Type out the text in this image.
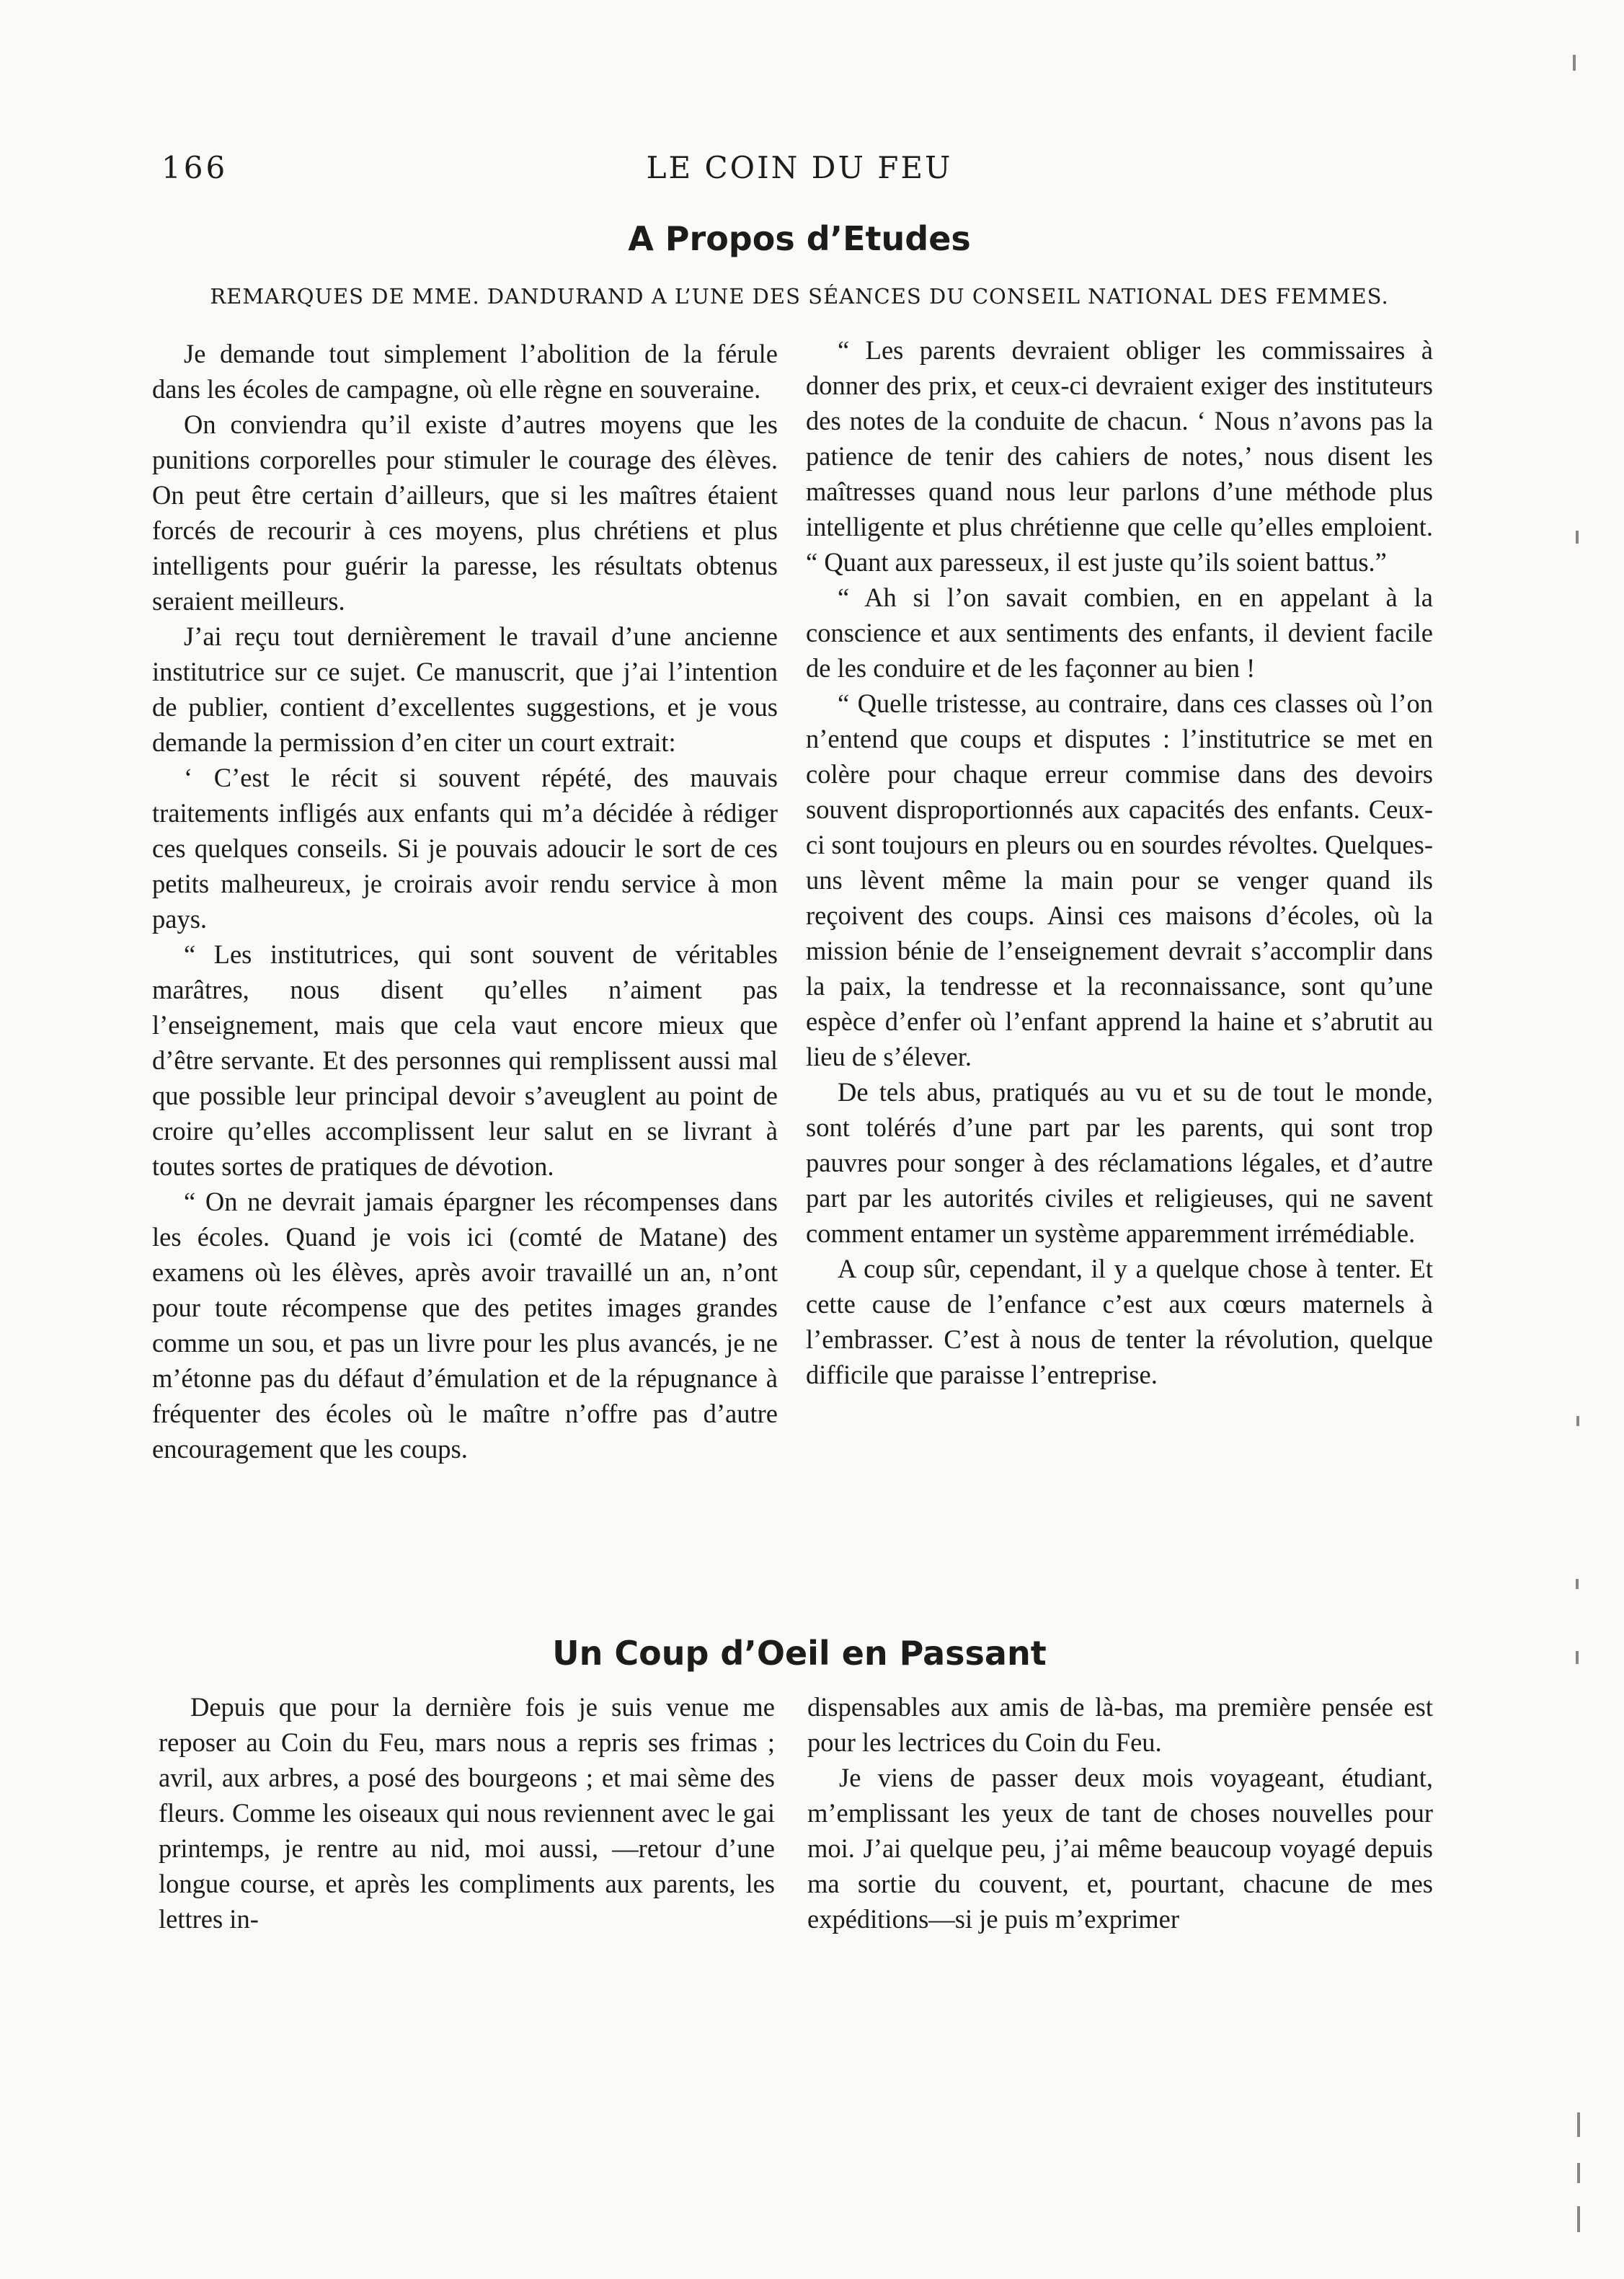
166	LE COIN DU FEU
A Propos d’Etudes
REMARQUES DE MME. DANDURAND A L’UNE DES SÉANCES DU CONSEIL NATIONAL DES FEMMES.

Je demande tout simplement l’abolition de la férule dans les écoles de campagne, où elle règne en souveraine.

On conviendra qu’il existe d’autres moyens que les punitions corporelles pour stimuler le courage des élèves. On peut être certain d’ailleurs, que si les maîtres étaient forcés de recourir à ces moyens, plus chrétiens et plus intelligents pour guérir la paresse, les résultats obtenus seraient meilleurs.

J’ai reçu tout dernièrement le travail d’une ancienne institutrice sur ce sujet. Ce manuscrit, que j’ai l’intention de publier, contient d’excellentes suggestions, et je vous demande la permission d’en citer un court extrait:

‘ C’est le récit si souvent répété, des mauvais traitements infligés aux enfants qui m’a décidée à rédiger ces quelques conseils. Si je pouvais adoucir le sort de ces petits malheureux, je croirais avoir rendu service à mon pays.

“ Les institutrices, qui sont souvent de véritables marâtres, nous disent qu’elles n’aiment pas l’enseignement, mais que cela vaut encore mieux que d’être servante. Et des personnes qui remplissent aussi mal que possible leur principal devoir s’aveuglent au point de croire qu’elles accomplissent leur salut en se livrant à toutes sortes de pratiques de dévotion.

“ On ne devrait jamais épargner les récompenses dans les écoles. Quand je vois ici (comté de Matane) des examens où les élèves, après avoir travaillé un an, n’ont pour toute récompense que des petites images grandes comme un sou, et pas un livre pour les plus avancés, je ne m’étonne pas du défaut d’émulation et de la répugnance à fréquenter des écoles où le maître n’offre pas d’autre encouragement que les coups.

“ Les parents devraient obliger les commissaires à donner des prix, et ceux-ci devraient exiger des instituteurs des notes de la conduite de chacun. ‘ Nous n’avons pas la patience de tenir des cahiers de notes,’ nous disent les maîtresses quand nous leur parlons d’une méthode plus intelligente et plus chrétienne que celle qu’elles emploient. “ Quant aux paresseux, il est juste qu’ils soient battus.”

“ Ah si l’on savait combien, en en appelant à la conscience et aux sentiments des enfants, il devient facile de les conduire et de les façonner au bien !

“ Quelle tristesse, au contraire, dans ces classes où l’on n’entend que coups et disputes : l’institutrice se met en colère pour chaque erreur commise dans des devoirs souvent disproportionnés aux capacités des enfants. Ceux-ci sont toujours en pleurs ou en sourdes révoltes. Quelques-uns lèvent même la main pour se venger quand ils reçoivent des coups. Ainsi ces maisons d’écoles, où la mission bénie de l’enseignement devrait s’accomplir dans la paix, la tendresse et la reconnaissance, sont qu’une espèce d’enfer où l’enfant apprend la haine et s’abrutit au lieu de s’élever.

De tels abus, pratiqués au vu et su de tout le monde, sont tolérés d’une part par les parents, qui sont trop pauvres pour songer à des réclamations légales, et d’autre part par les autorités civiles et religieuses, qui ne savent comment entamer un système apparemment irrémédiable.

A coup sûr, cependant, il y a quelque chose à tenter. Et cette cause de l’enfance c’est aux cœurs maternels à l’embrasser. C’est à nous de tenter la révolution, quelque difficile que paraisse l’entreprise.

Un Coup d’Oeil en Passant

Depuis que pour la dernière fois je suis venue me reposer au Coin du Feu, mars nous a repris ses frimas ; avril, aux arbres, a posé des bourgeons ; et mai sème des fleurs. Comme les oiseaux qui nous reviennent avec le gai printemps, je rentre au nid, moi aussi, —retour d’une longue course, et après les compliments aux parents, les lettres in-

dispensables aux amis de là-bas, ma première pensée est pour les lectrices du Coin du Feu.

Je viens de passer deux mois voyageant, étudiant, m’emplissant les yeux de tant de choses nouvelles pour moi. J’ai quelque peu, j’ai même beaucoup voyagé depuis ma sortie du couvent, et, pourtant, chacune de mes expéditions—si je puis m’exprimer
